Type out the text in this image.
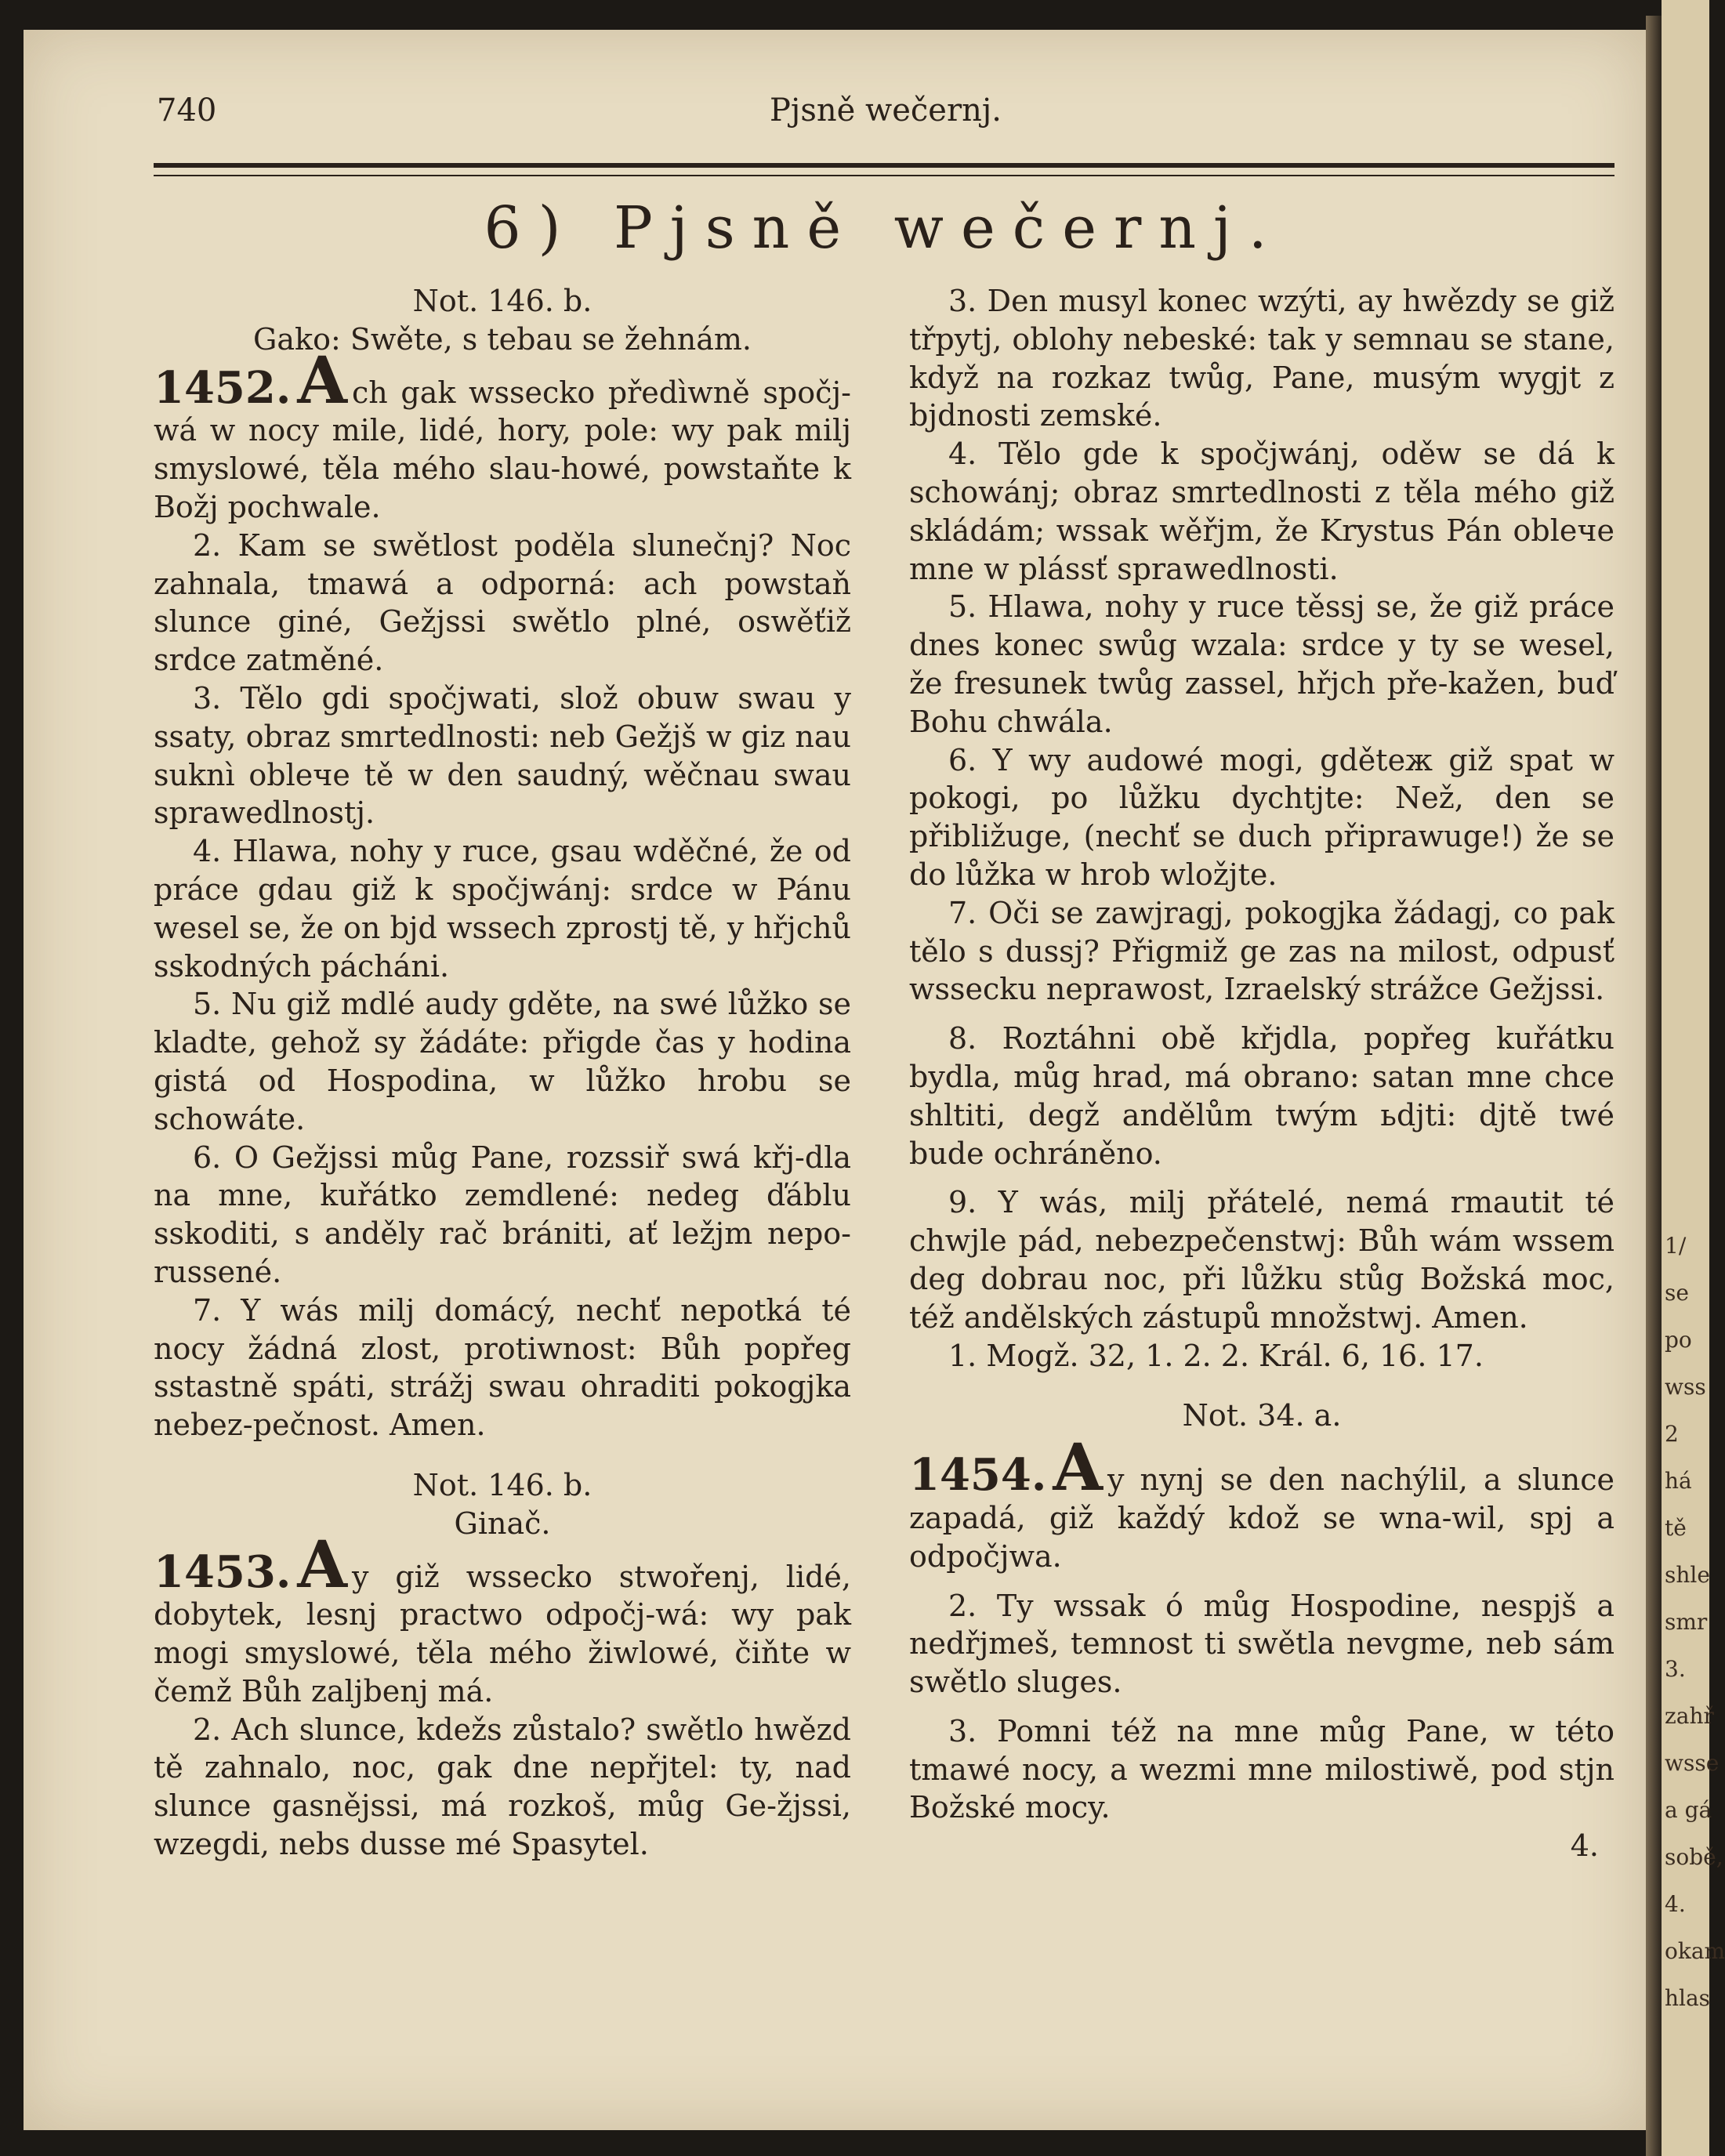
1/
se
po
wss
2
há
tě
shle
smr
3.
zahř
wsse
a gá
sobě,
4.
okam
hlas
740	Pjsně wečernj.
6) Pjsně wečernj.
Not. 146. b.
Gako: Swěte, s tebau se žehnám.

1452.A ch gak wsseckо předìwně spočj-wá w nocy mile, lidé, hory, pole: wy pak milj smyslowé, těla mého slau-howé, powstaňte k Božj pochwale.

2. Kam se swětlost poděla slunečnj? Noc zahnala, tmawá a odporná: ach powstaň slunce giné, Gežjssi swětlo plné, oswěťiž srdce zatměné.

3. Tělo gdi spočjwati, slož obuw swau y ssaty, obraz smrtedlnosti: neb Gežjš w giz nau suknì oblече tě w den saudný, wěčnau swau sprawedlnostj.

4. Hlawa, nohy y ruce, gsau wděčné, že od práce gdau giž k spočjwánj: srdce w Pánu wesel se, že on bjd wssech zprostj tě, y hřjchů sskodných pácháni.

5. Nu giž mdlé audy gděte, na swé lůžko se kladte, gehož sy žádáte: přigde čas y hodina gistá od Hospodina, w lůžko hrobu se schowáte.

6. O Gežjssi můg Pane, rozssiř swá křj-dla na mne, kuřátko zemdlené: nedeg ďáblu sskoditi, s anděly rač brániti, ať ležjm nepo-russené.

7. Y wás milj domácý, nechť nepotká té nocy žádná zlost, protiwnost: Bůh popřeg sstastně spáti, strážj swau ohraditi pokogjka nebez-pečnost. Amen.

Not. 146. b.
Ginač.

1453.A y giž wssecko stwořenj, lidé, dobytek, lesnj practwo odpočj-wá: wy pak mogi smyslowé, těla mého žiwlowé, čiňte w čemž Bůh zaljbenj má.

2. Ach slunce, kdežs zůstalo? swětlo hwězd tě zahnalo, noc, gak dne nepřjtel: ty, nad slunce gasnějssi, má rozkoš, můg Ge-žjssi, wzegdi, nebs dusse mé Spasytel.

3. Den musyl konec wzýti, ay hwězdy se giž třpytj, oblohy nebeské: tak y semnau se stane, když na rozkaz twůg, Pane, musým wygjt z bjdnosti zemské.

4. Tělo gde k spočjwánj, oděw se dá k schowánj; obraz smrtedlnosti z těla mého giž skládám; wssak wěřjm, že Krystus Pán oblече mne w plássť sprawedlnosti.

5. Hlawa, nohy y ruce těssj se, že giž práce dnes konec swůg wzala: srdce y ty se wesel, že fresunek twůg zassel, hřjch pře-kažen, buď Bohu chwála.

6. Y wy audowé mogi, gděteж giž spat w pokogi, po lůžku dychtjte: Než, den se přibližuge, (nechť se duch připrawuge!) že se do lůžka w hrob wložjte.

7. Oči se zawjragj, pokogjka žádagj, co pak tělo s dussj? Přigmiž ge zas na milost, odpusť wssecku neprawost, Izraelský strážce Gežjssi.

8. Roztáhni obě křjdla, popřeg kuřátku bydla, můg hrad, má obrano: satan mne chce shltiti, degž andělům twým ьdjti: djtě twé bude ochráněno.

9. Y wás, milj přátelé, nemá rmautit té chwjle pád, nebezpečenstwj: Bůh wám wssem deg dobrau noc, při lůžku stůg Božská moc, též andělských zástupů množstwj. Amen.

1. Mogž. 32, 1. 2. 2. Král. 6, 16. 17.

Not. 34. a.

1454.A y nynj se den nachýlil, a slunce zapadá, giž každý kdož se wna-wil, spj a odpočjwa.

2. Ty wssak ó můg Hospodine, nespjš a nedřjmeš, temnost ti swětla nevgme, neb sám swětlo sluges.

3. Pomni též na mne můg Pane, w této tmawé nocy, a wezmi mne milostiwě, pod stjn Božské mocy.

4.
